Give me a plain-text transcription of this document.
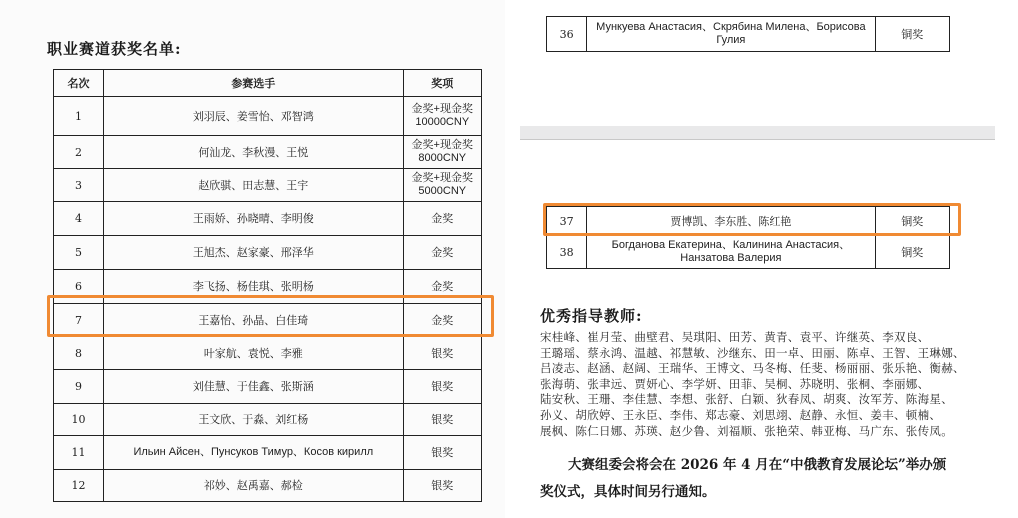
职业赛道获奖名单:
名次	参赛选手	奖项
1	刘羽辰、姜雪怡、邓智鸿	金奖+现金奖
10000CNY
2	何汕龙、李秋漫、王悦	金奖+现金奖
8000CNY
3	赵欣骐、田志慧、王宇	金奖+现金奖
5000CNY
4	王雨娇、孙晓晴、李明俊	金奖
5	王旭杰、赵家豪、邢泽华	金奖
6	李飞扬、杨佳琪、张明杨	金奖
7	王嘉怡、孙晶、白佳琦	金奖
8	叶家航、袁悦、李雅	银奖
9	刘佳慧、于佳鑫、张斯涵	银奖
10	王文欣、于淼、刘红杨	银奖
11	Ильин Айсен、Пунсуков Тимур、Косов кирилл	银奖
12	祁妙、赵禹嘉、郝检	银奖
36	Мункуева Анастасия、Скрябина Милена、Борисова
Гулия	铜奖
37	贾博凯、李东胜、陈红艳	铜奖
38	Богданова Екатерина、Калинина Анастасия、
Нанзатова Валерия	铜奖
优秀指导教师:
宋桂峰、崔月莹、曲壁君、吴琪阳、田芳、黄青、袁平、许继英、李双良、
王璐瑶、蔡永鸿、温越、祁慧敏、沙继东、田一卓、田丽、陈卓、王智、王琳娜、
吕凌志、赵涵、赵阔、王瑞华、王博文、马冬梅、任斐、杨丽丽、张乐艳、衡赫、
张海萌、张聿远、贾妍心、李学妍、田菲、吴桐、苏晓明、张桐、李丽娜、
陆安秋、王珊、李佳慧、李想、张舒、白颖、狄春凤、胡爽、汝军芳、陈海星、
孙义、胡欣婷、王永臣、李伟、郑志豪、刘思翊、赵静、永恒、姜丰、顿楠、
展枫、陈仁日娜、苏瑛、赵少鲁、刘福顺、张艳荣、韩亚梅、马广东、张传凤。
大赛组委会将会在 2026 年 4 月在“中俄教育发展论坛”举办颁
奖仪式，具体时间另行通知。
